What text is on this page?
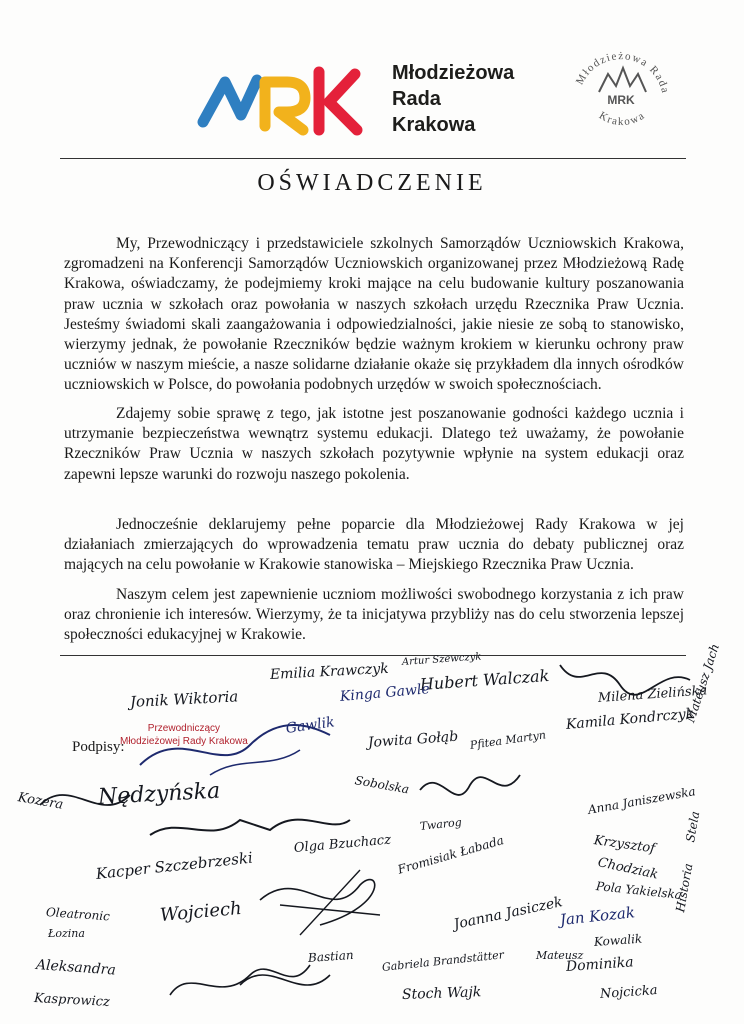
Młodzieżowa
Rada
Krakowa
Młodzieżowa Rada
MRK
Krakowa
OŚWIADCZENIE

My, Przewodniczący i przedstawiciele szkolnych Samorządów Uczniowskich Krakowa, zgromadzeni na Konferencji Samorządów Uczniowskich organizowanej przez Młodzieżową Radę Krakowa, oświadczamy, że podejmiemy kroki mające na celu budowanie kultury poszanowania praw ucznia w szkołach oraz powołania w naszych szkołach urzędu Rzecznika Praw Ucznia. Jesteśmy świadomi skali zaangażowania i odpowiedzialności, jakie niesie ze sobą to stanowisko, wierzymy jednak, że powołanie Rzeczników będzie ważnym krokiem w kierunku ochrony praw uczniów w naszym mieście, a nasze solidarne działanie okaże się przykładem dla innych ośrodków uczniowskich w Polsce, do powołania podobnych urzędów w swoich społecznościach.

Zdajemy sobie sprawę z tego, jak istotne jest poszanowanie godności każdego ucznia i utrzymanie bezpieczeństwa wewnątrz systemu edukacji. Dlatego też uważamy, że powołanie Rzeczników Praw Ucznia w naszych szkołach pozytywnie wpłynie na system edukacji oraz zapewni lepsze warunki do rozwoju naszego pokolenia.

Jednocześnie deklarujemy pełne poparcie dla Młodzieżowej Rady Krakowa w jej działaniach zmierzających do wprowadzenia tematu praw ucznia do debaty publicznej oraz mających na celu powołanie w Krakowie stanowiska – Miejskiego Rzecznika Praw Ucznia.

Naszym celem jest zapewnienie uczniom możliwości swobodnego korzystania z ich praw oraz chronienie ich interesów. Wierzymy, że ta inicjatywa przybliży nas do celu stworzenia lepszej społeczności edukacyjnej w Krakowie.

Emilia Krawczyk
Artur Szewczyk
Hubert Walczak
Milena Zielińska
Mateusz Jach
Kinga Gawle
Kamila Kondrczyk
Jowita Gołąb Pfitea Martyn
Gawlik
Kozera Nędzyńska	Sobolska	Anna Janiszewska
Krzysztof
Twarog
Kacper Szczebrzeski
Olga Bzuchacz
Chodziak
Pola Yakielska
Oleatronic
Łozina
Wojciech	Joanna Jasiczek
Jan Kozak
Kowalik
Aleksandra
Kasprowicz
Bastian Gabriela Brandstätter
Stoch Wajk
Dominika
Nojcicka
Mateusz
Historia
Stela
Jonik Wiktoria
Fromisiak Łabada
Podpisy:
Przewodniczący
Młodzieżowej Rady Krakowa
